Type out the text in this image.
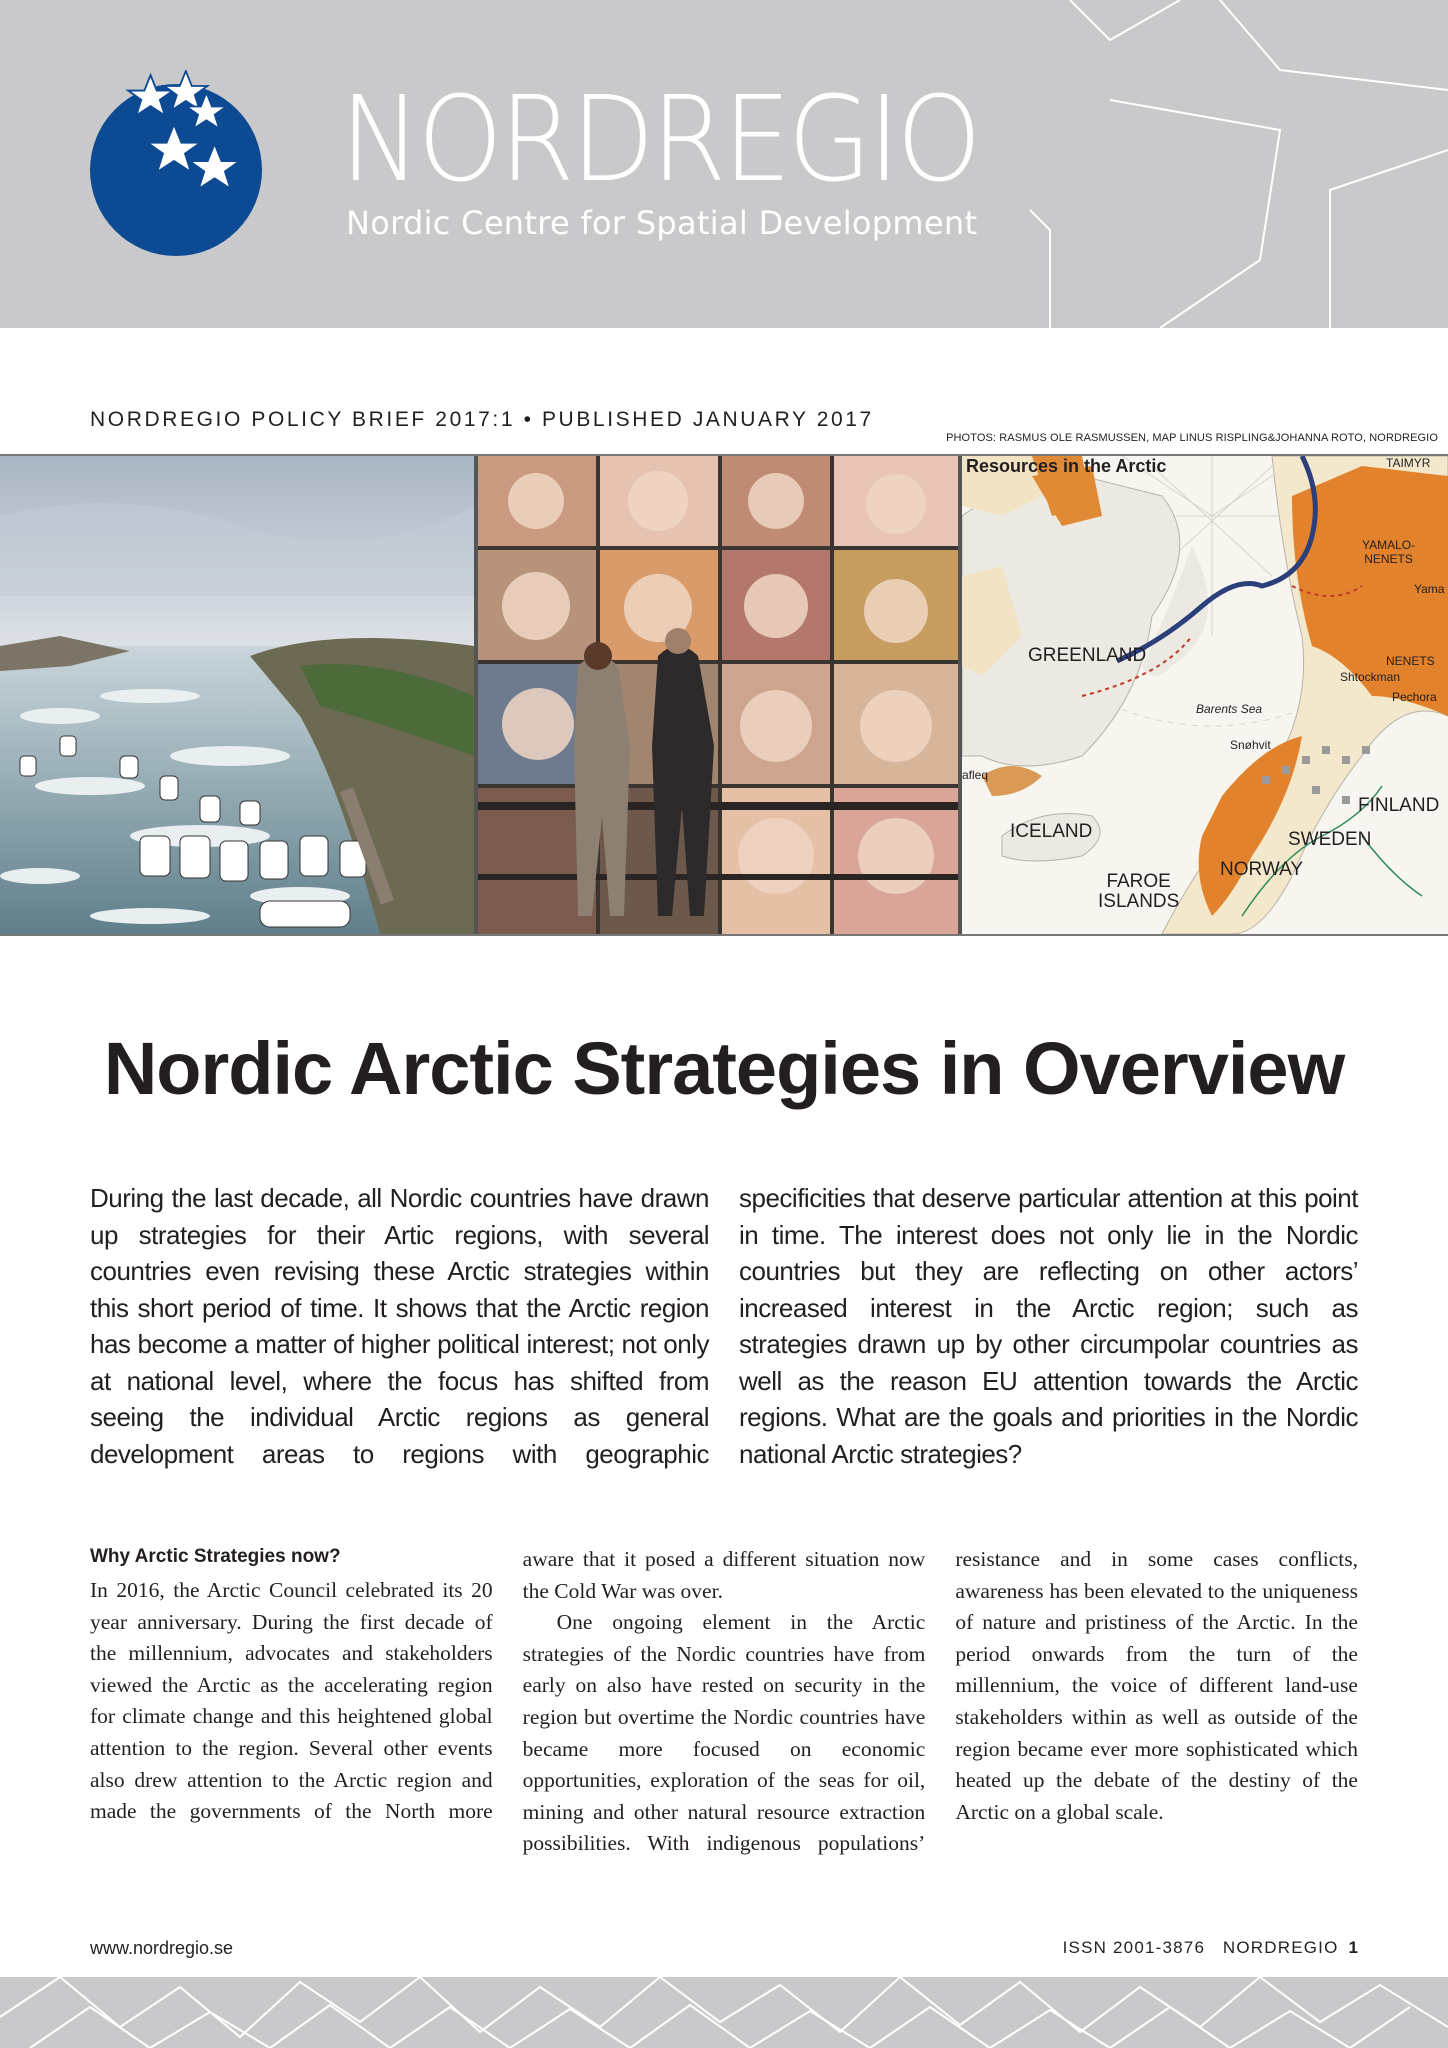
NORDREGIO
Nordic Centre for Spatial Development
NORDREGIO POLICY BRIEF 2017:1 • PUBLISHED JANUARY 2017
PHOTOS: RASMUS OLE RASMUSSEN, MAP LINUS RISPLING&JOHANNA ROTO, NORDREGIO
Resources in the Arctic
GREENLAND
ICELAND
FAROE
ISLANDS
NORWAY
SWEDEN
FINLAND
Barents Sea
Snøhvit
YAMALO-
NENETS
NENETS
Shtockman
Pechora
TAIMYR
Yama
afleq
Nordic Arctic Strategies in Overview
During the last decade, all Nordic countries have drawn up strategies for their Artic regions, with several countries even revising these Arctic strategies within this short period of time. It shows that the Arctic region has become a matter of higher political interest; not only at national level, where the focus has shifted from seeing the individual Arctic regions as general development areas to regions with geographic specificities that deserve particular attention at this point in time. The interest does not only lie in the Nordic countries but they are reflecting on other actors’ increased interest in the Arctic region; such as strategies drawn up by other circumpolar countries as well as the reason EU attention towards the Arctic regions. What are the goals and priorities in the Nordic national Arctic strategies?
Why Arctic Strategies now?

In 2016, the Arctic Council celebrated its 20 year anniversary. During the first decade of the millennium, advocates and stakeholders viewed the Arctic as the accelerating region for climate change and this heightened global attention to the region. Several other events also drew attention to the Arctic region and made the governments of the North more aware that it posed a different situation now the Cold War was over.

One ongoing element in the Arctic strategies of the Nordic countries have from early on also have rested on security in the region but overtime the Nordic countries have became more focused on economic opportunities, exploration of the seas for oil, mining and other natural resource extraction possibilities. With indigenous populations’ resistance and in some cases conflicts, awareness has been elevated to the uniqueness of nature and pristiness of the Arctic. In the period onwards from the turn of the millennium, the voice of different land-use stakeholders within as well as outside of the region became ever more sophisticated which heated up the debate of the destiny of the Arctic on a global scale.

www.nordregio.se	ISSN 2001-3876   NORDREGIO 1
